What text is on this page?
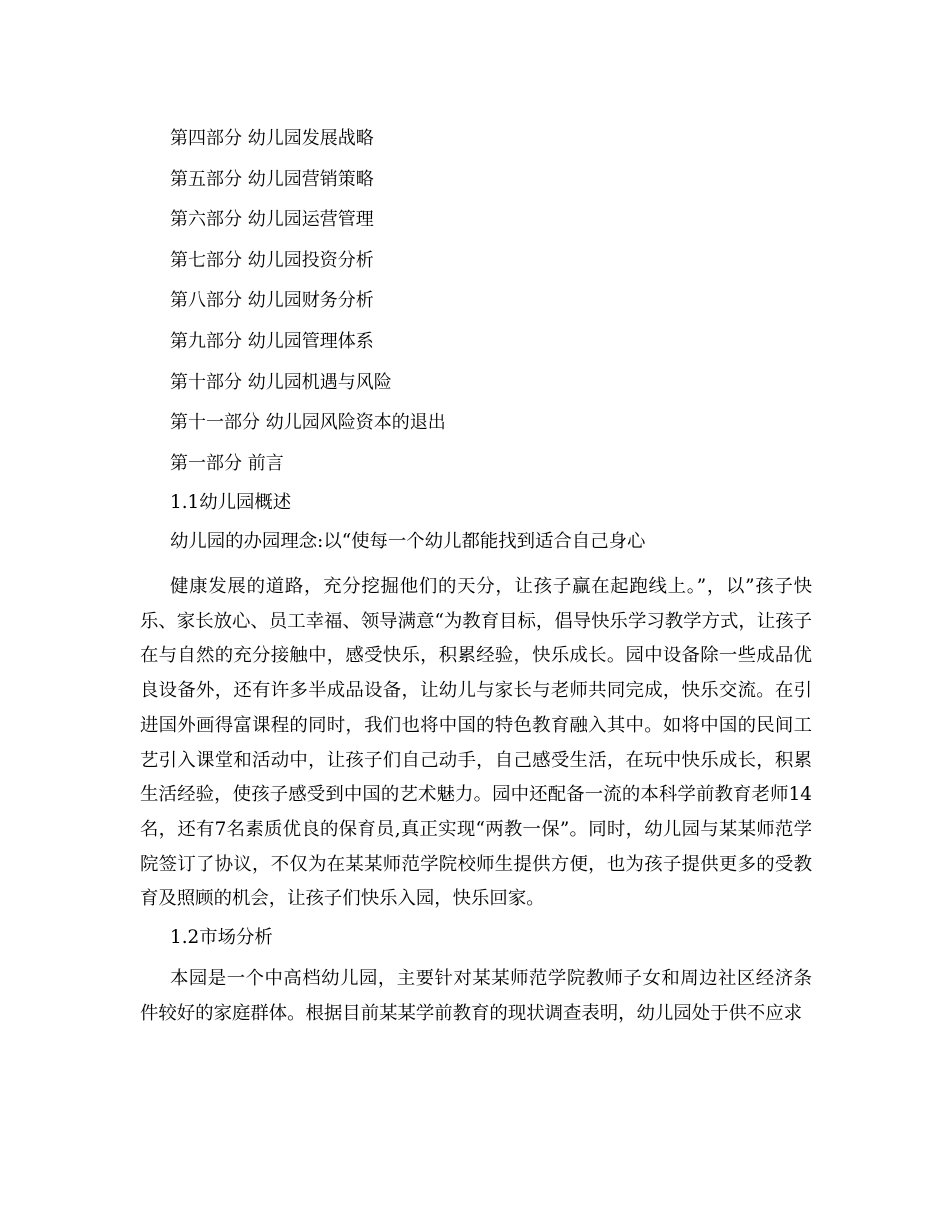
第四部分 幼儿园发展战略
第五部分 幼儿园营销策略
第六部分 幼儿园运营管理
第七部分 幼儿园投资分析
第八部分 幼儿园财务分析
第九部分 幼儿园管理体系
第十部分 幼儿园机遇与风险
第十一部分 幼儿园风险资本的退出
第一部分 前言
1.1幼儿园概述

幼儿园的办园理念:以“使每一个幼儿都能找到适合自己身心

健康发展的道路，充分挖掘他们的天分，让孩子赢在起跑线上。”，以”孩子快乐、家长放心、员工幸福、领导满意“为教育目标，倡导快乐学习教学方式，让孩子在与自然的充分接触中，感受快乐，积累经验，快乐成长。园中设备除一些成品优良设备外，还有许多半成品设备，让幼儿与家长与老师共同完成，快乐交流。在引进国外画得富课程的同时，我们也将中国的特色教育融入其中。如将中国的民间工艺引入课堂和活动中，让孩子们自己动手，自己感受生活，在玩中快乐成长，积累生活经验，使孩子感受到中国的艺术魅力。园中还配备一流的本科学前教育老师14名，还有7名素质优良的保育员,真正实现“两教一保”。同时，幼儿园与某某师范学院签订了协议，不仅为在某某师范学院校师生提供方便，也为孩子提供更多的受教育及照顾的机会，让孩子们快乐入园，快乐回家。

1.2市场分析

本园是一个中高档幼儿园，主要针对某某师范学院教师子女和周边社区经济条件较好的家庭群体。根据目前某某学前教育的现状调查表明，幼儿园处于供不应求
